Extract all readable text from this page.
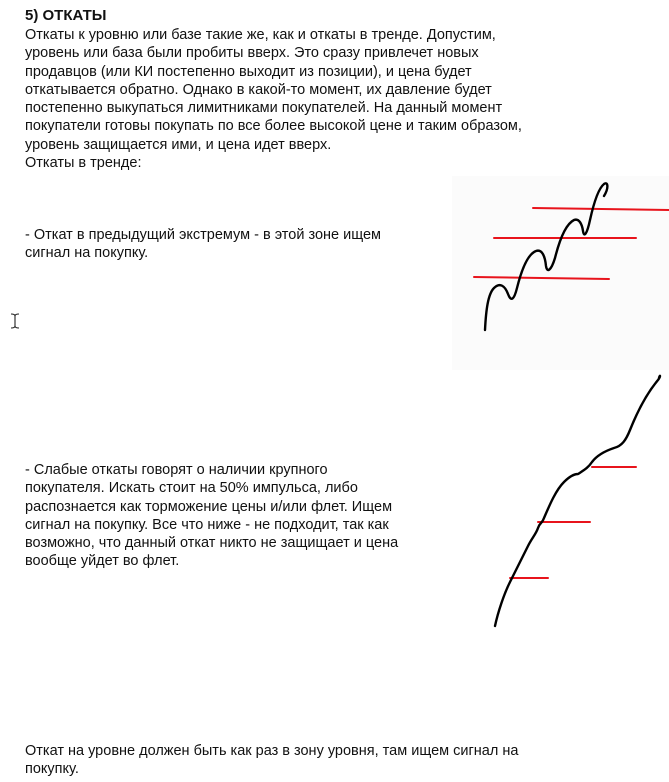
5) ОТКАТЫ

Откаты к уровню или базе такие же, как и откаты в тренде. Допустим,
уровень или база были пробиты вверх. Это сразу привлечет новых
продавцов (или КИ постепенно выходит из позиции), и цена будет
откатывается обратно. Однако в какой-то момент, их давление будет
постепенно выкупаться лимитниками покупателей. На данный момент
покупатели готовы покупать по все более высокой цене и таким образом,
уровень защищается ими, и цена идет вверх.
Откаты в тренде:

- Откат в предыдущий экстремум - в этой зоне ищем
сигнал на покупку.

- Слабые откаты говорят о наличии крупного
покупателя. Искать стоит на 50% импульса, либо
распознается как торможение цены и/или флет. Ищем
сигнал на покупку. Все что ниже - не подходит, так как
возможно, что данный откат никто не защищает и цена
вообще уйдет во флет.

Откат на уровне должен быть как раз в зону уровня, там ищем сигнал на
покупку.
